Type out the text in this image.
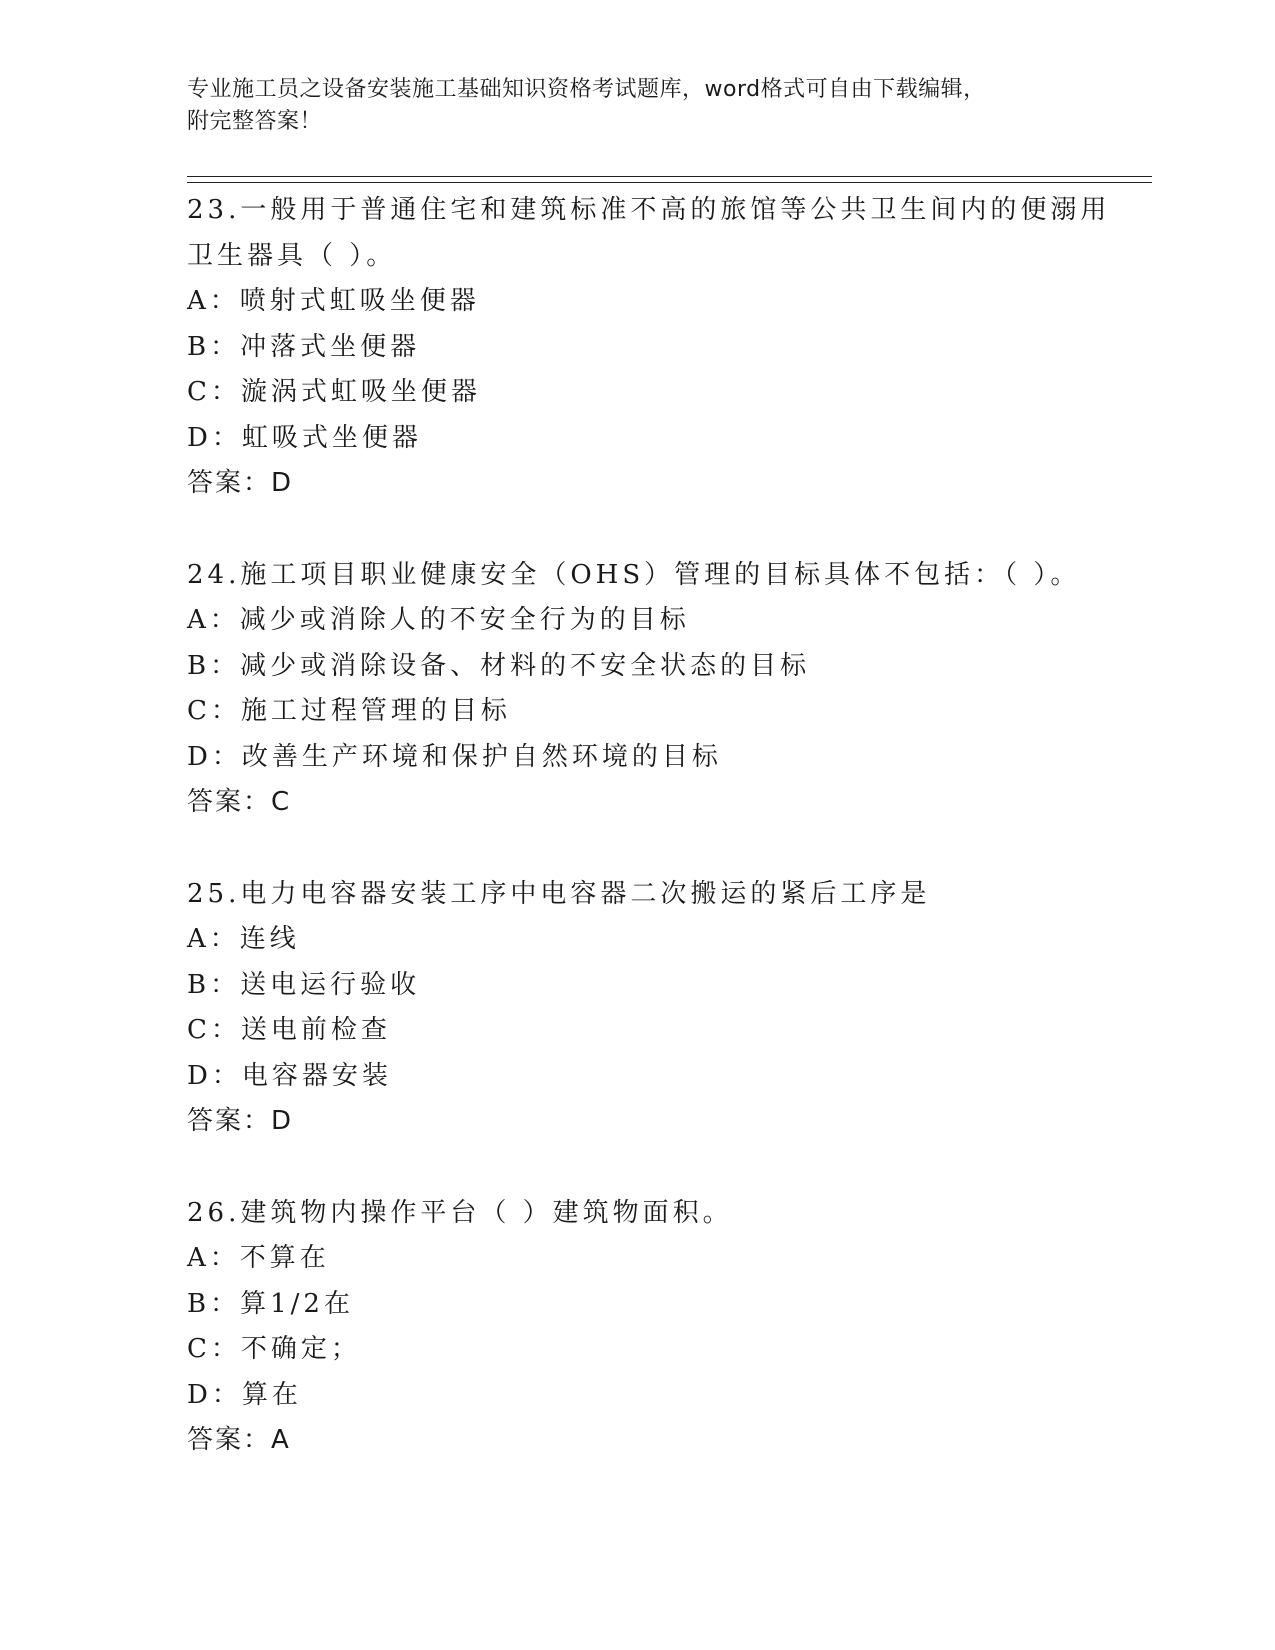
专业施工员之设备安装施工基础知识资格考试题库，word格式可自由下载编辑，
附完整答案！
23.一般用于普通住宅和建筑标准不高的旅馆等公共卫生间内的便溺用
卫生器具（ ）。
A：喷射式虹吸坐便器
B：冲落式坐便器
C：漩涡式虹吸坐便器
D：虹吸式坐便器
答案：D
24.施工项目职业健康安全（OHS）管理的目标具体不包括：（ ）。
A：减少或消除人的不安全行为的目标
B：减少或消除设备、材料的不安全状态的目标
C：施工过程管理的目标
D：改善生产环境和保护自然环境的目标
答案：C
25.电力电容器安装工序中电容器二次搬运的紧后工序是
A：连线
B：送电运行验收
C：送电前检查
D：电容器安装
答案：D
26.建筑物内操作平台（ ）建筑物面积。
A：不算在
B：算1/2在
C：不确定；
D：算在
答案：A
